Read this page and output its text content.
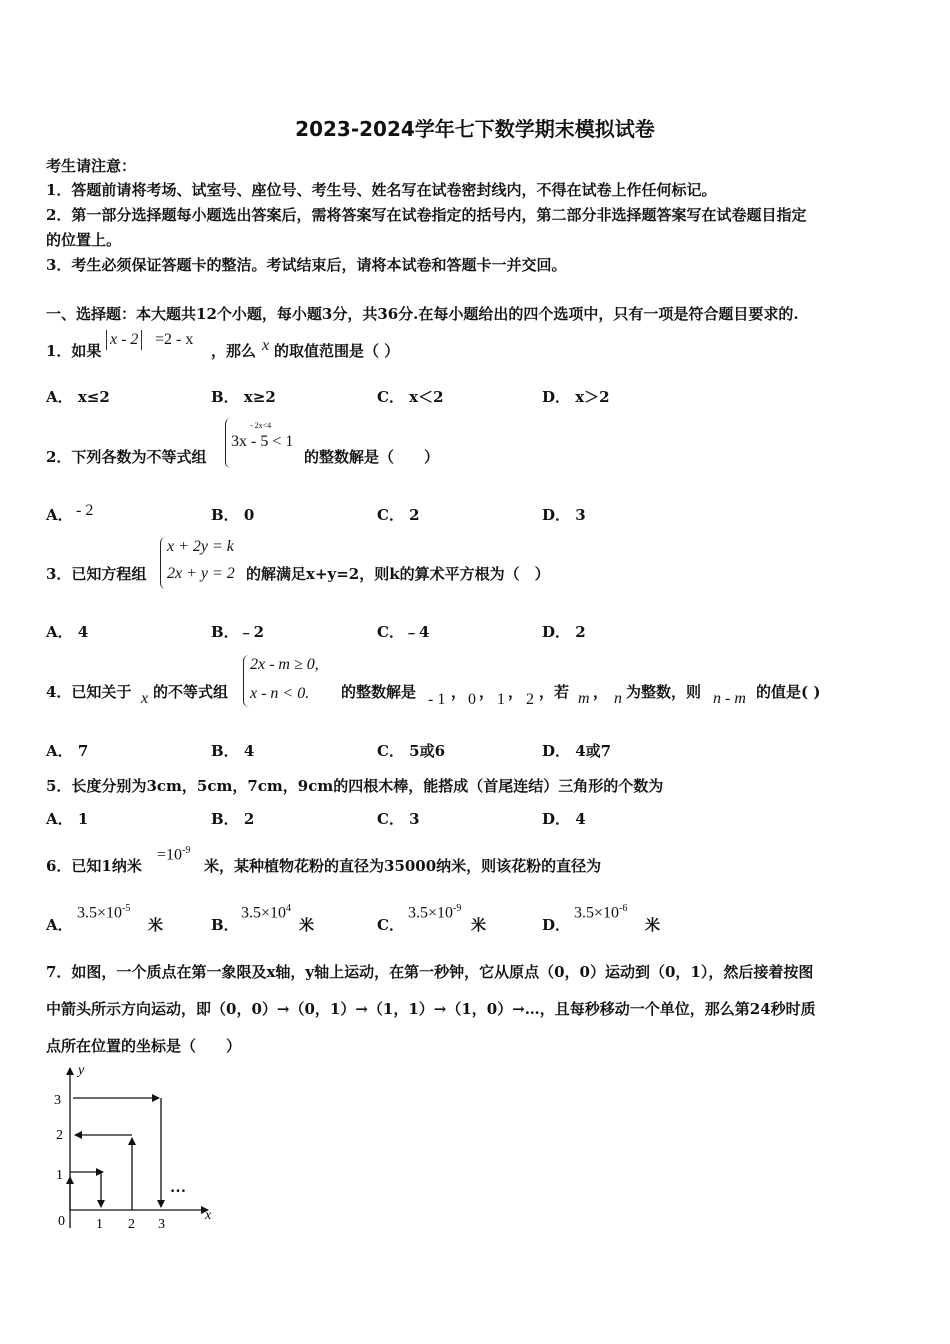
2023-2024学年七下数学期末模拟试卷
考生请注意：
1．答题前请将考场、试室号、座位号、考生号、姓名写在试卷密封线内，不得在试卷上作任何标记。
2．第一部分选择题每小题选出答案后，需将答案写在试卷指定的括号内，第二部分非选择题答案写在试卷题目指定
的位置上。
3．考生必须保证答题卡的整洁。考试结束后，请将本试卷和答题卡一并交回。
一、选择题：本大题共12个小题，每小题3分，共36分.在每小题给出的四个选项中，只有一项是符合题目要求的.
1．如果
x - 2 =2 - x
，那么 x 的取值范围是（ ）
A． x≤2	B． x≥2	C． x＜2	D． x＞2
2．下列各数为不等式组
- 2x<4
3x - 5 < 1
的整数解是（　　）
A． - 2	B． 0	C． 2	D． 3
3．已知方程组
x + 2y = k
2x + y = 2 的解满足x+y=2，则k的算术平方根为（　）
A． 4	B．﹣2	C．﹣4	D． 2
4．已知关于 x 的不等式组
2x - m ≥ 0,
x - n < 0. 的整数解是 - 1 ， 0 ， 1 ， 2 ，若 m ， n 为整数，则 n - m 的值是( )
A． 7	B． 4	C． 5或6	D． 4或7
5．长度分别为3cm，5cm，7cm，9cm的四根木棒，能搭成（首尾连结）三角形的个数为
A． 1	B． 2	C． 3	D． 4
6．已知1纳米
$=10^{-9}$
米，某种植物花粉的直径为35000纳米，则该花粉的直径为
A．
$3.5\times 10^{-5}$
米	B．
$3.5\times 10^4$
米	C．
$3.5\times 10^{-9}$
米	D．
$3.5\times 10^{-6}$
米
7．如图，一个质点在第一象限及x轴，y轴上运动，在第一秒钟，它从原点（0，0）运动到（0，1），然后接着按图
中箭头所示方向运动，即（0，0）→（0，1）→（1，1）→（1，0）→…，且每秒移动一个单位，那么第24秒时质
点所在位置的坐标是（　　）
y
x
0 1 2 3
1
2
3
…
